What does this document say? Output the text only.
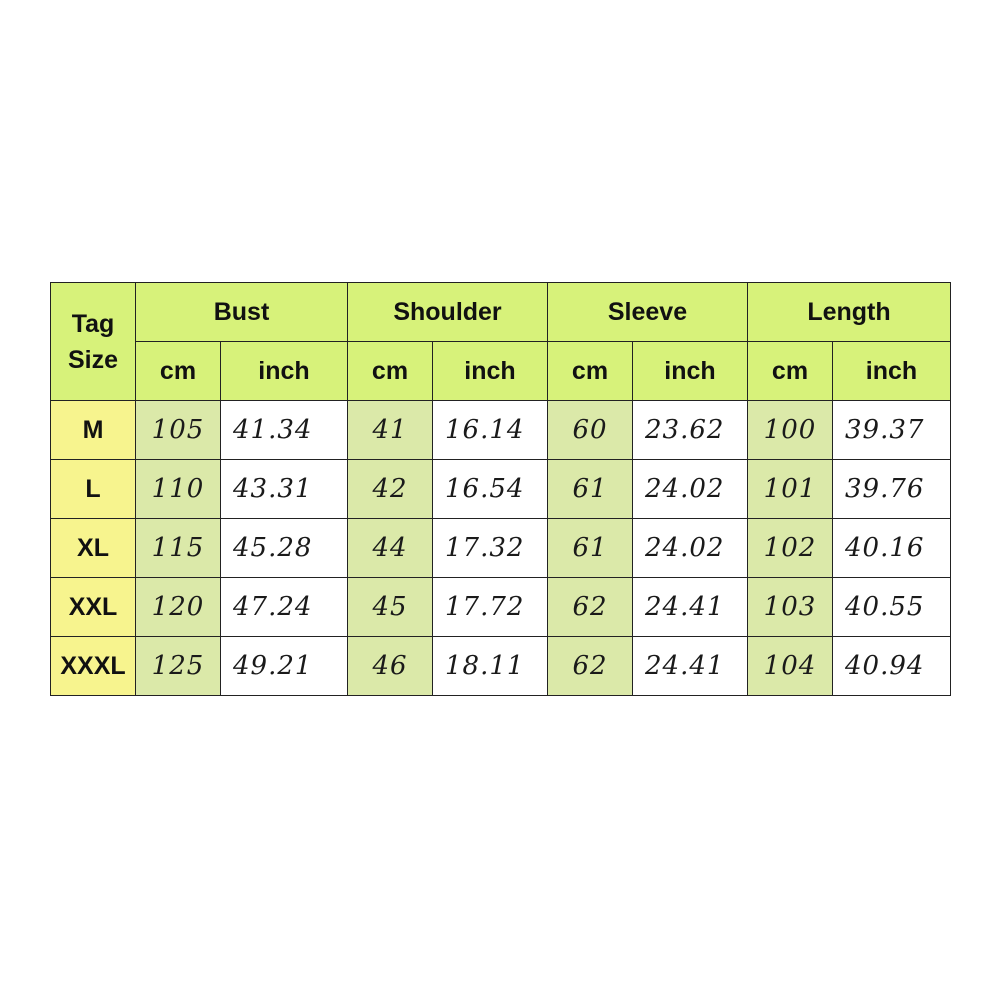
Tag
Size	Bust		Shoulder		Sleeve		Length	
	cm	inch	cm	inch	cm	inch	cm	inch
M	105	41.34	41	16.14	60	23.62	100	39.37
L	110	43.31	42	16.54	61	24.02	101	39.76
XL	115	45.28	44	17.32	61	24.02	102	40.16
XXL	120	47.24	45	17.72	62	24.41	103	40.55
XXXL	125	49.21	46	18.11	62	24.41	104	40.94
